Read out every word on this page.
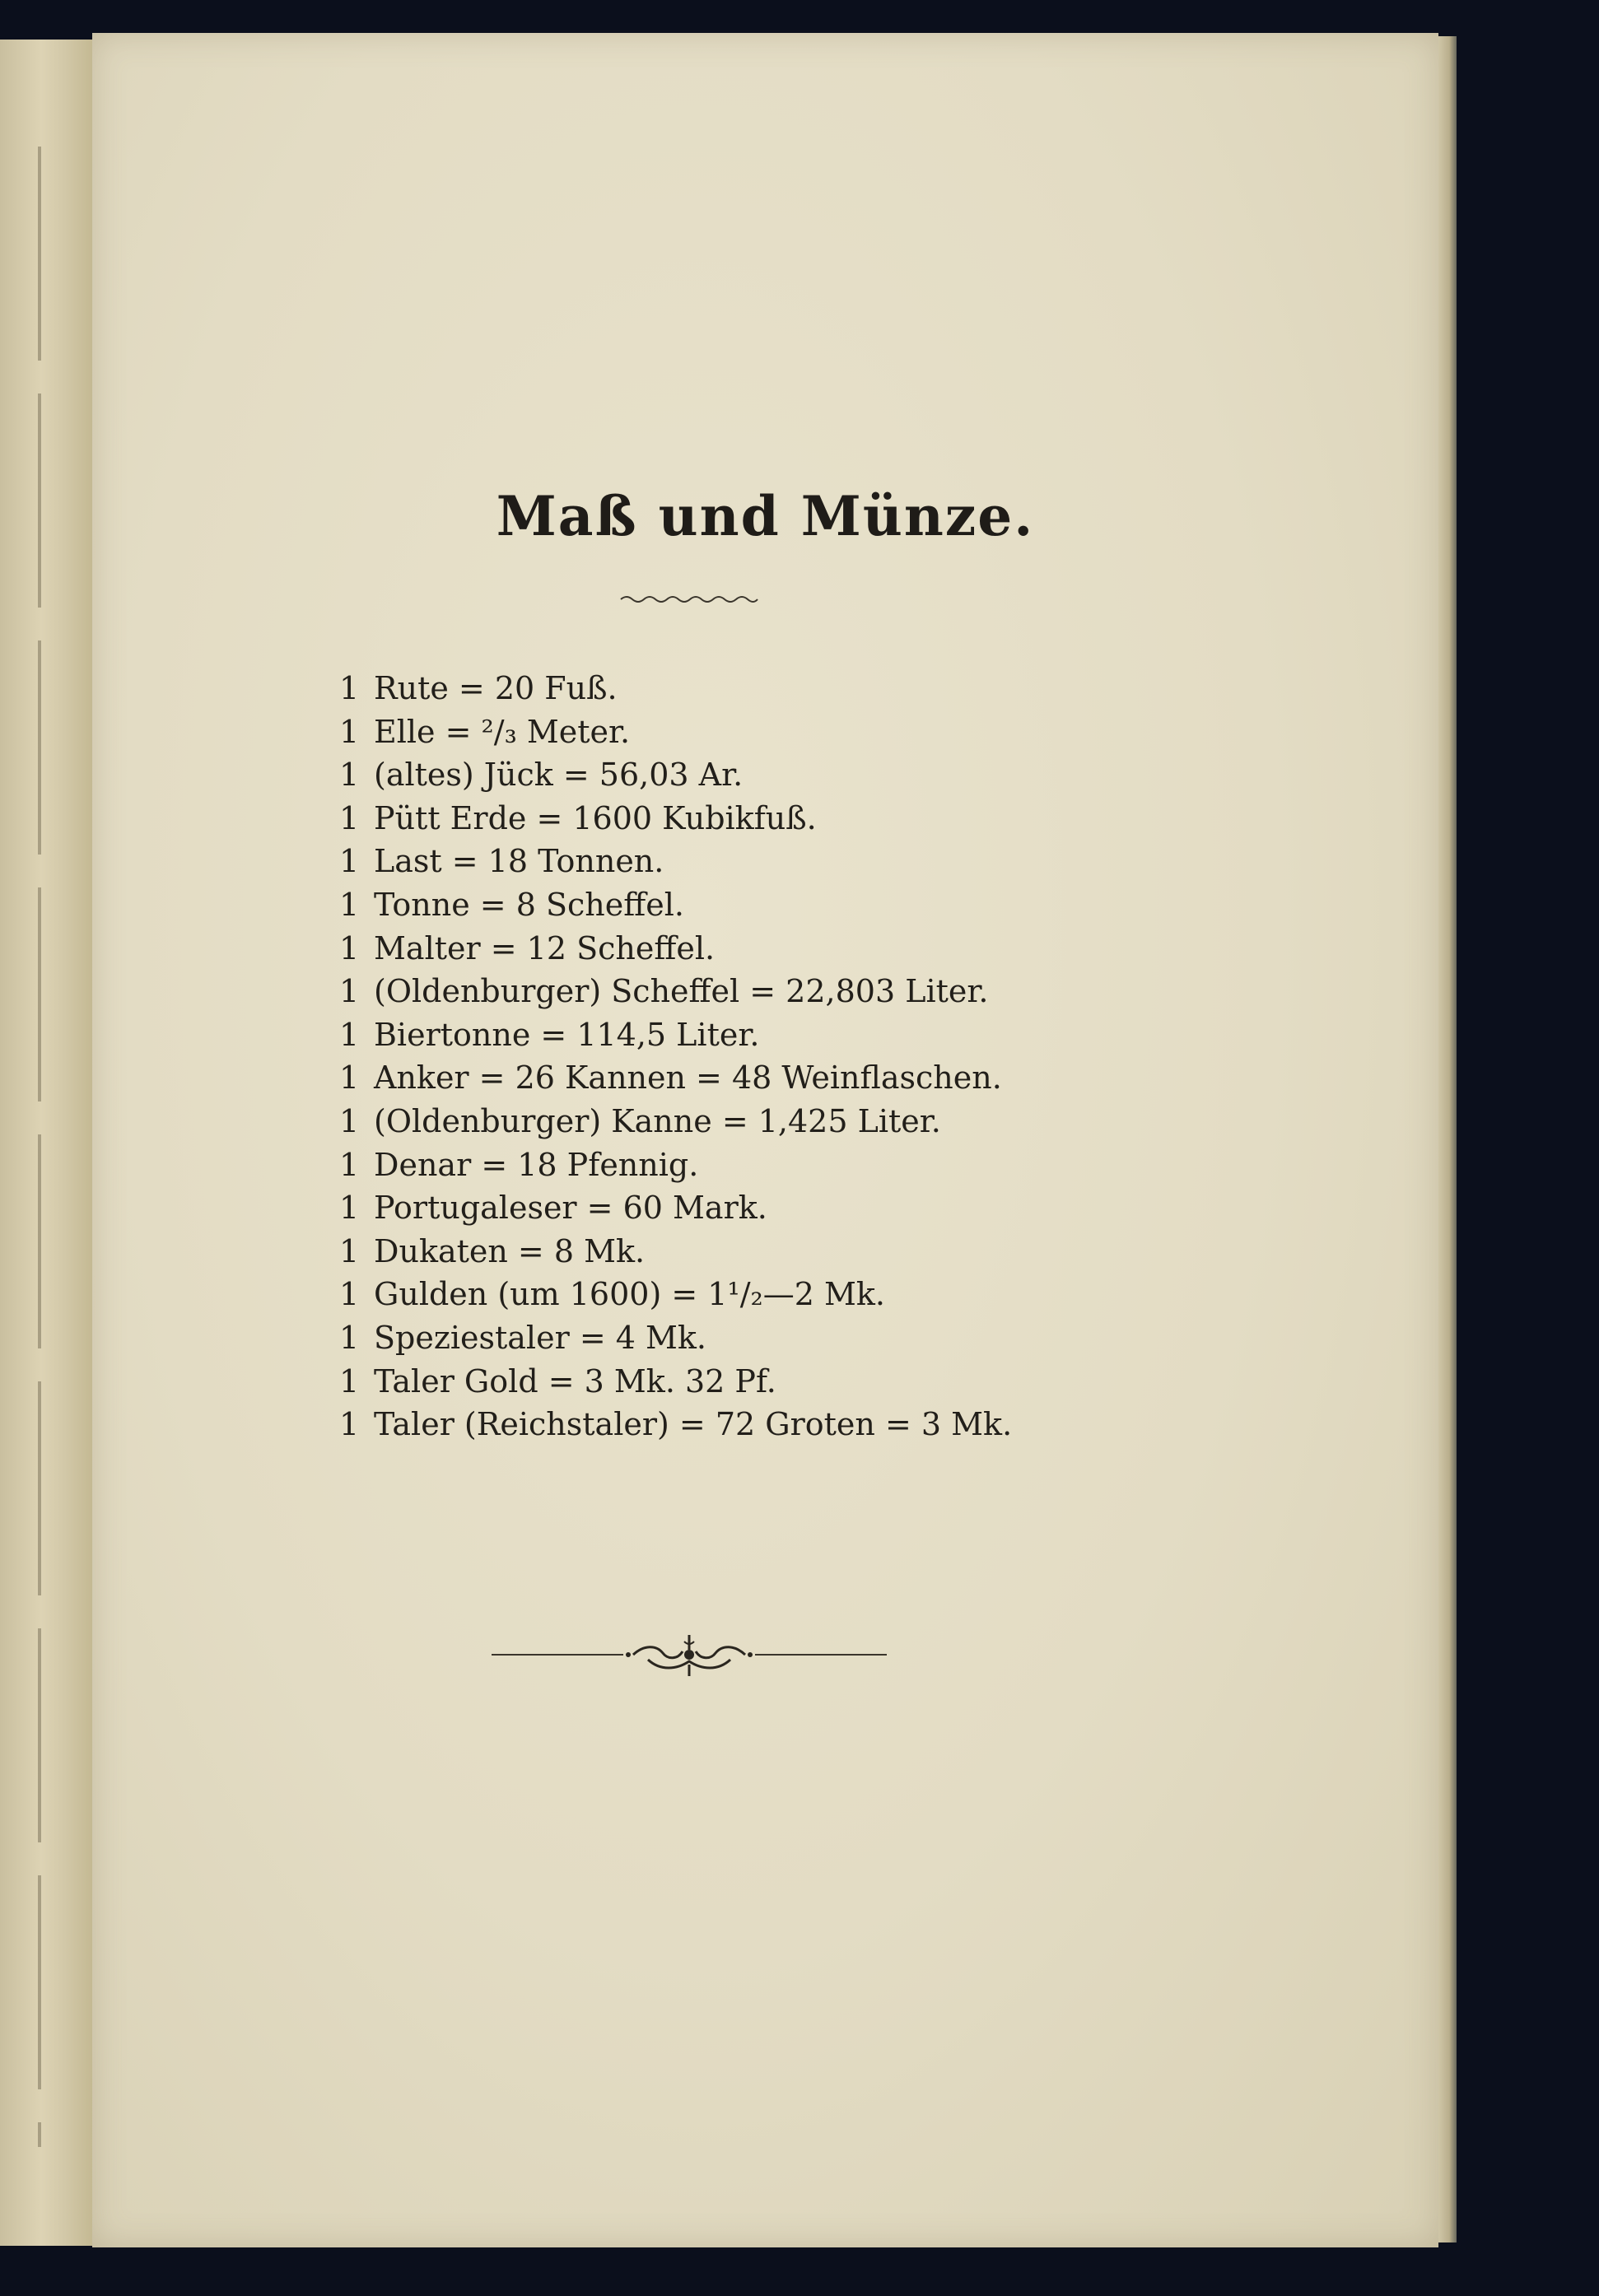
Maß und Münze.
1 Rute = 20 Fuß.
1 Elle = ²/₃ Meter.
1 (altes) Jück = 56,03 Ar.
1 Pütt Erde = 1600 Kubikfuß.
1 Last = 18 Tonnen.
1 Tonne = 8 Scheffel.
1 Malter = 12 Scheffel.
1 (Oldenburger) Scheffel = 22,803 Liter.
1 Biertonne = 114,5 Liter.
1 Anker = 26 Kannen = 48 Weinflaschen.
1 (Oldenburger) Kanne = 1,425 Liter.
1 Denar = 18 Pfennig.
1 Portugaleser = 60 Mark.
1 Dukaten = 8 Mk.
1 Gulden (um 1600) = 1¹/₂—2 Mk.
1 Speziestaler = 4 Mk.
1 Taler Gold = 3 Mk. 32 Pf.
1 Taler (Reichstaler) = 72 Groten = 3 Mk.
